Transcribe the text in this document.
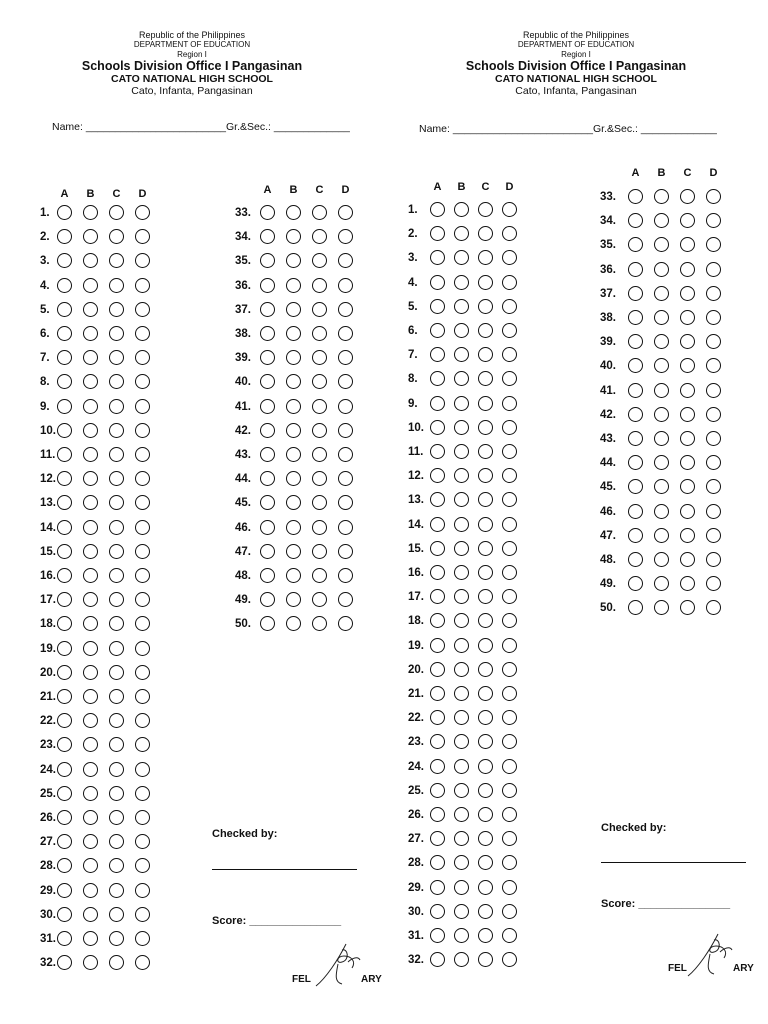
Republic of the Philippines
DEPARTMENT OF EDUCATION
Region I
Schools Division Office I Pangasinan
CATO NATIONAL HIGH SCHOOL
Cato, Infanta, Pangasinan
Name: ________________________Gr.&Sec.: _____________
A	B	C	D
1.
2.
3.
4.
5.
6.
7.
8.
9.
10.
11.
12.
13.
14.
15.
16.
17.
18.
19.
20.
21.
22.
23.
24.
25.
26.
27.
28.
29.
30.
31.
32.
A	B	C	D
33.
34.
35.
36.
37.
38.
39.
40.
41.
42.
43.
44.
45.
46.
47.
48.
49.
50.
Checked by:
Score: _______________
FEL	ARY
Republic of the Philippines
DEPARTMENT OF EDUCATION
Region I
Schools Division Office I Pangasinan
CATO NATIONAL HIGH SCHOOL
Cato, Infanta, Pangasinan
Name: ________________________Gr.&Sec.: _____________
A	B	C	D
1.
2.
3.
4.
5.
6.
7.
8.
9.
10.
11.
12.
13.
14.
15.
16.
17.
18.
19.
20.
21.
22.
23.
24.
25.
26.
27.
28.
29.
30.
31.
32.
A	B	C	D
33.
34.
35.
36.
37.
38.
39.
40.
41.
42.
43.
44.
45.
46.
47.
48.
49.
50.
Checked by:
Score: _______________
FEL	ARY
